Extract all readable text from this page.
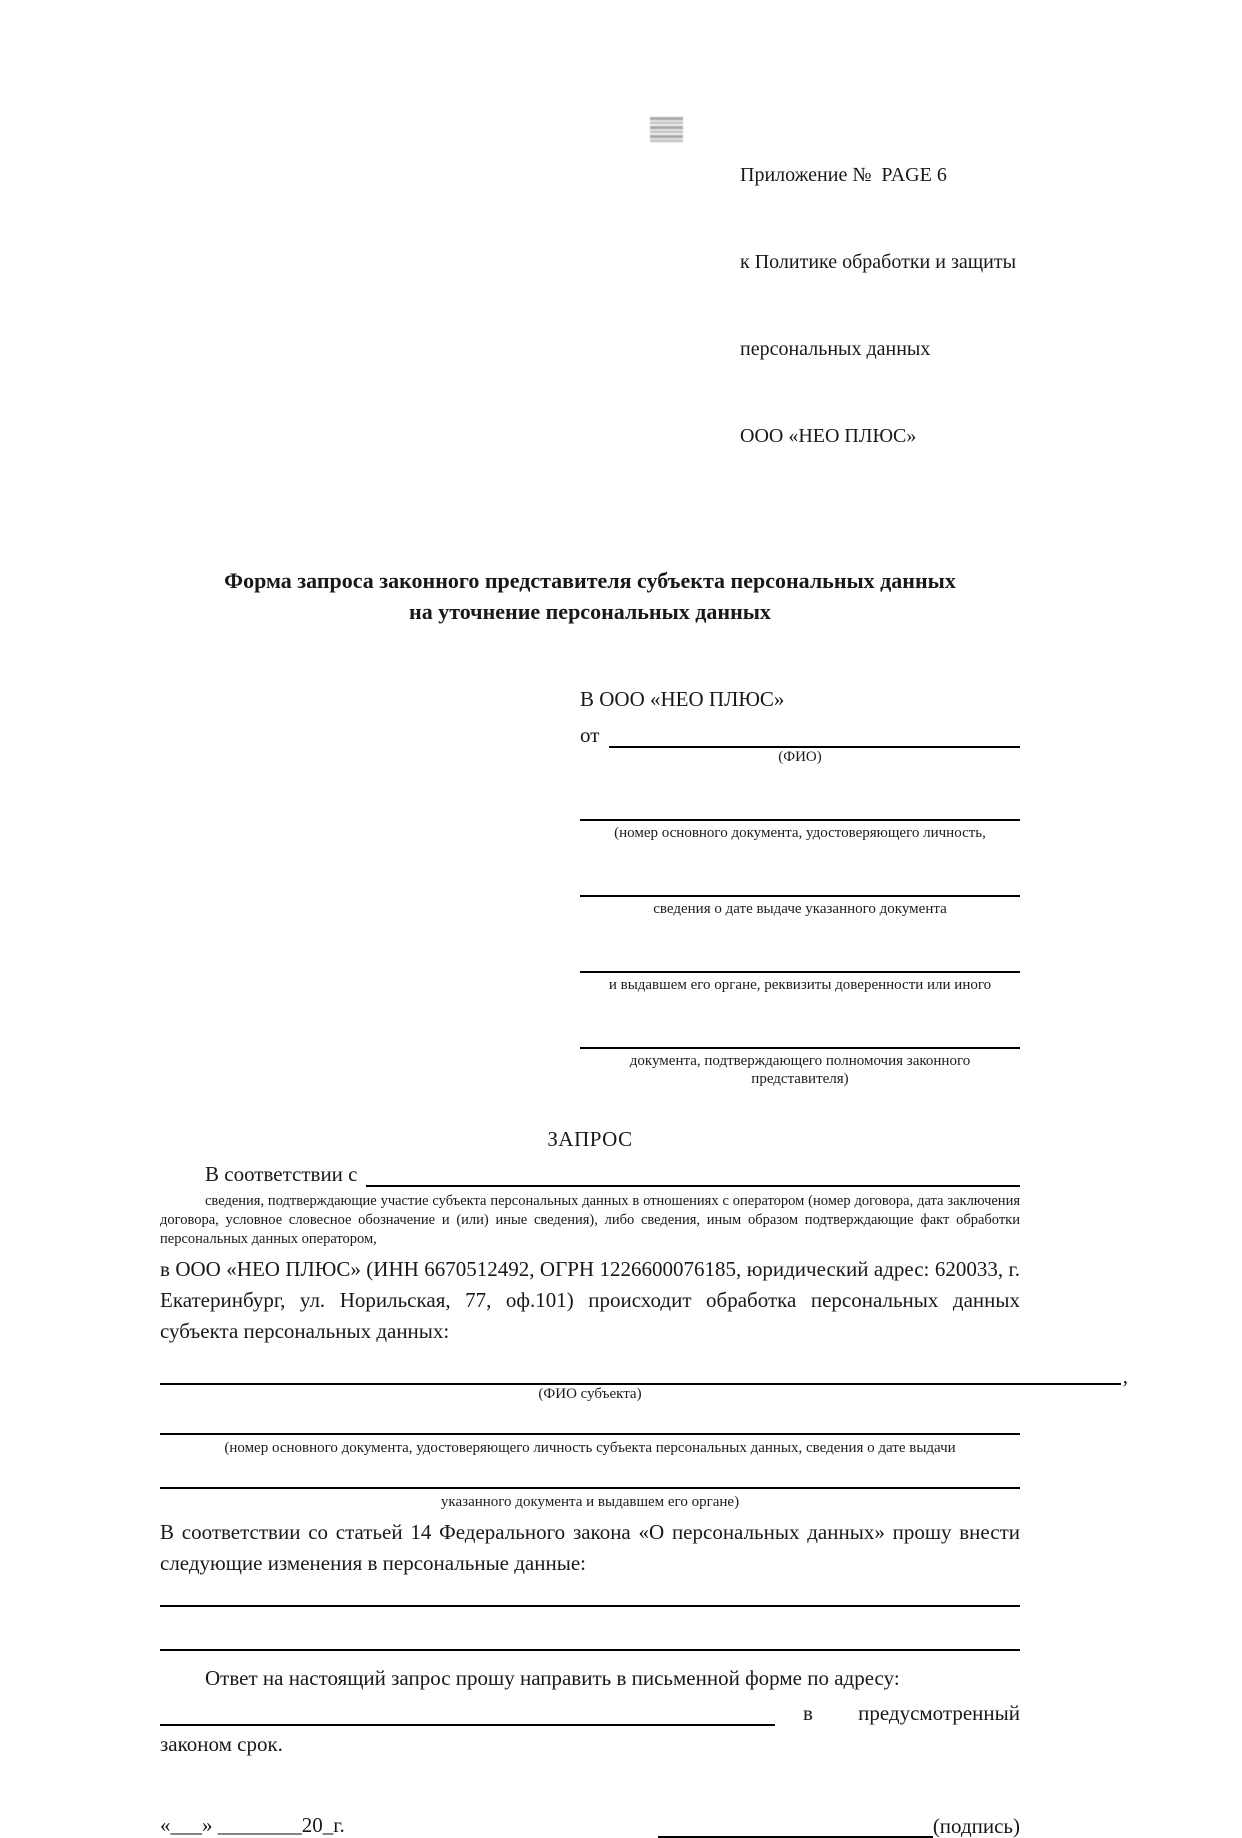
Приложение №  PAGE 6

к Политике обработки и защиты

персональных данных

ООО «НЕО ПЛЮС»

Форма запроса законного представителя субъекта персональных данных
на уточнение персональных данных
В ООО «НЕО ПЛЮС»
от
(ФИО)
(номер основного документа, удостоверяющего личность,
сведения о дате выдаче указанного документа
и выдавшем его органе, реквизиты доверенности или иного
документа, подтверждающего полномочия законного представителя)
ЗАПРОС
В соответствии с
сведения, подтверждающие участие субъекта персональных данных в отношениях с оператором (номер договора, дата заключения договора, условное словесное обозначение и (или) иные сведения), либо сведения, иным образом подтверждающие факт обработки персональных данных оператором,
в ООО «НЕО ПЛЮС» (ИНН 6670512492, ОГРН 1226600076185, юридический адрес: 620033, г. Екатеринбург, ул. Норильская, 77, оф.101) происходит обработка персональных данных субъекта персональных данных:
,
(ФИО субъекта)
(номер основного документа, удостоверяющего личность субъекта персональных данных, сведения о дате выдачи
указанного документа и выдавшем его органе)
В соответствии со статьей 14 Федерального закона «О персональных данных» прошу внести следующие изменения в персональные данные:
Ответ на настоящий запрос прошу направить в письменной форме по адресу:
в предусмотренный
законом срок.
«___» ________20_г.	(подпись)
